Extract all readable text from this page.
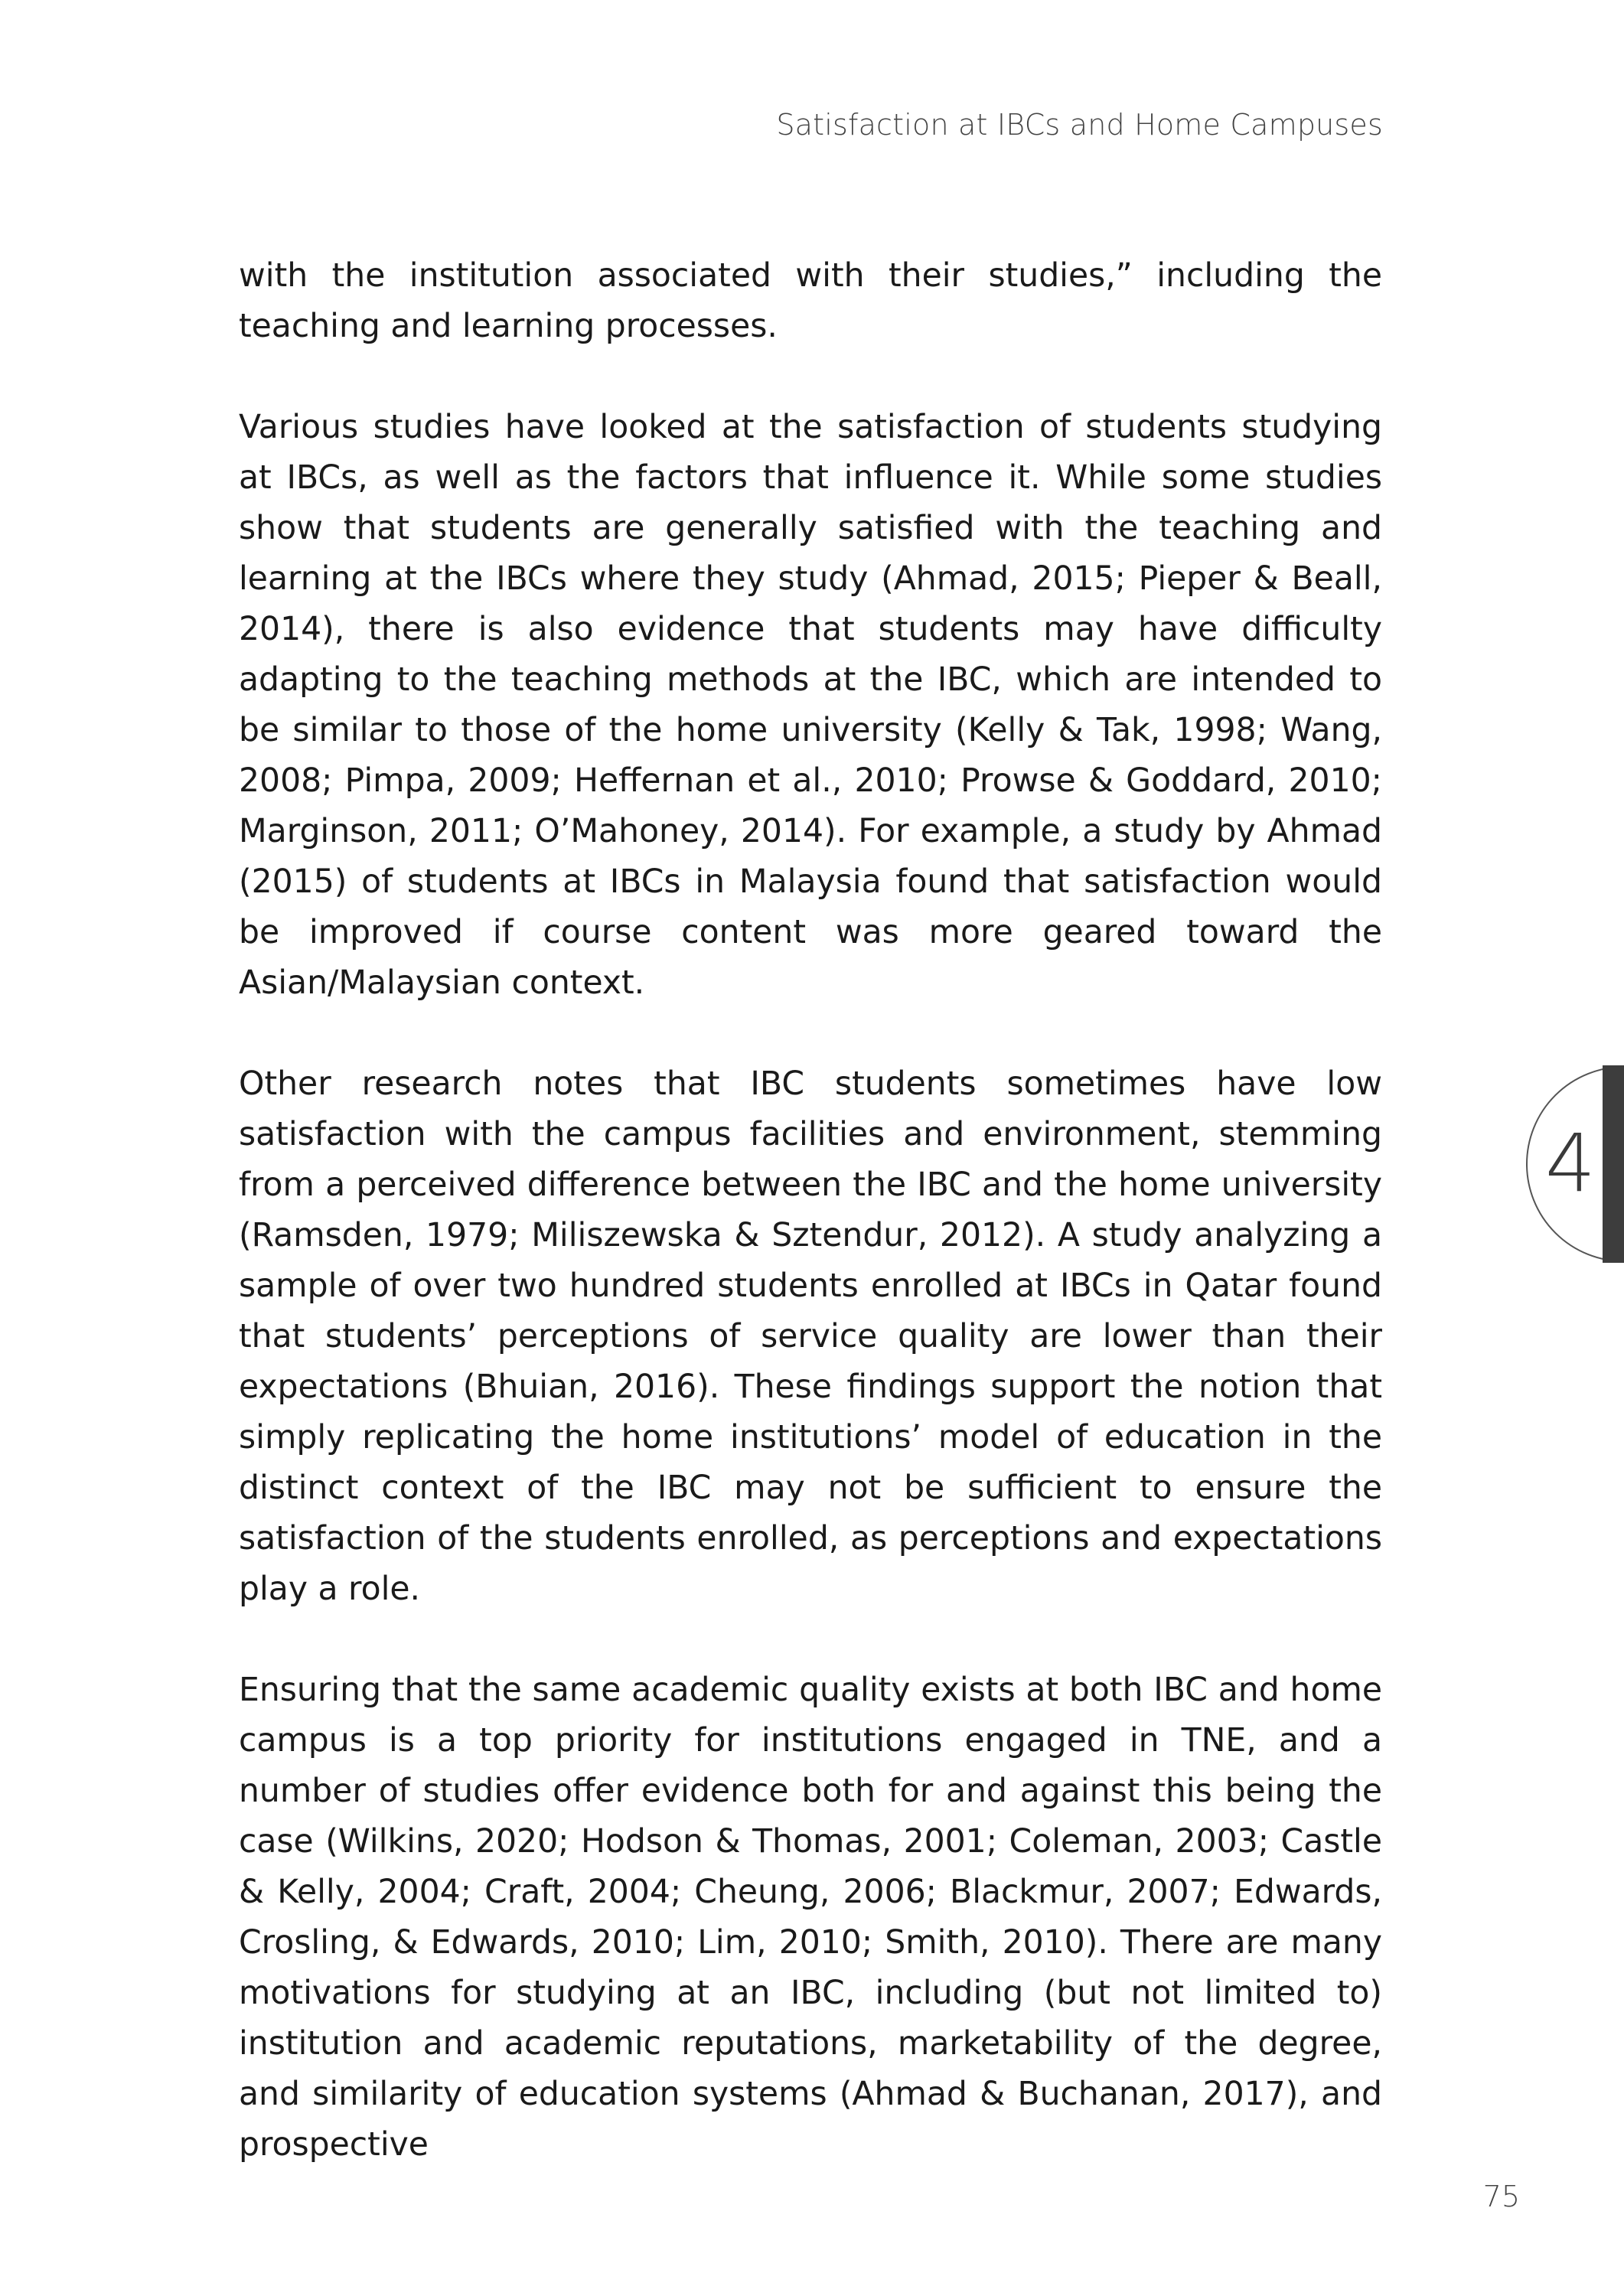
Satisfaction at IBCs and Home Campuses

with the institution associated with their studies,” including the teaching and learning processes.

Various studies have looked at the satisfaction of students studying at IBCs, as well as the factors that influence it. While some studies show that students are generally satisfied with the teaching and learning at the IBCs where they study (Ahmad, 2015; Pieper & Beall, 2014), there is also evidence that students may have difficulty adapting to the teaching methods at the IBC, which are intended to be similar to those of the home university (Kelly & Tak, 1998; Wang, 2008; Pimpa, 2009; Heffernan et al., 2010; Prowse & Goddard, 2010; Marginson, 2011; O’Mahoney, 2014). For example, a study by Ahmad (2015) of students at IBCs in Malaysia found that satisfaction would be improved if course content was more geared toward the Asian/Malaysian context.

Other research notes that IBC students sometimes have low satisfaction with the campus facilities and environment, stemming from a perceived difference between the IBC and the home university (Ramsden, 1979; Miliszewska & Sztendur, 2012). A study analyzing a sample of over two hundred students enrolled at IBCs in Qatar found that students’ perceptions of service quality are lower than their expectations (Bhuian, 2016). These findings support the notion that simply replicating the home institutions’ model of education in the distinct context of the IBC may not be sufficient to ensure the satisfaction of the students enrolled, as perceptions and expectations play a role.

Ensuring that the same academic quality exists at both IBC and home campus is a top priority for institutions engaged in TNE, and a number of studies offer evidence both for and against this being the case (Wilkins, 2020; Hodson & Thomas, 2001; Coleman, 2003; Castle & Kelly, 2004; Craft, 2004; Cheung, 2006; Blackmur, 2007; Edwards, Crosling, & Edwards, 2010; Lim, 2010; Smith, 2010). There are many motivations for studying at an IBC, including (but not limited to) institution and academic reputations, marketability of the degree, and similarity of education systems (Ahmad & Buchanan, 2017), and prospective

4
75
